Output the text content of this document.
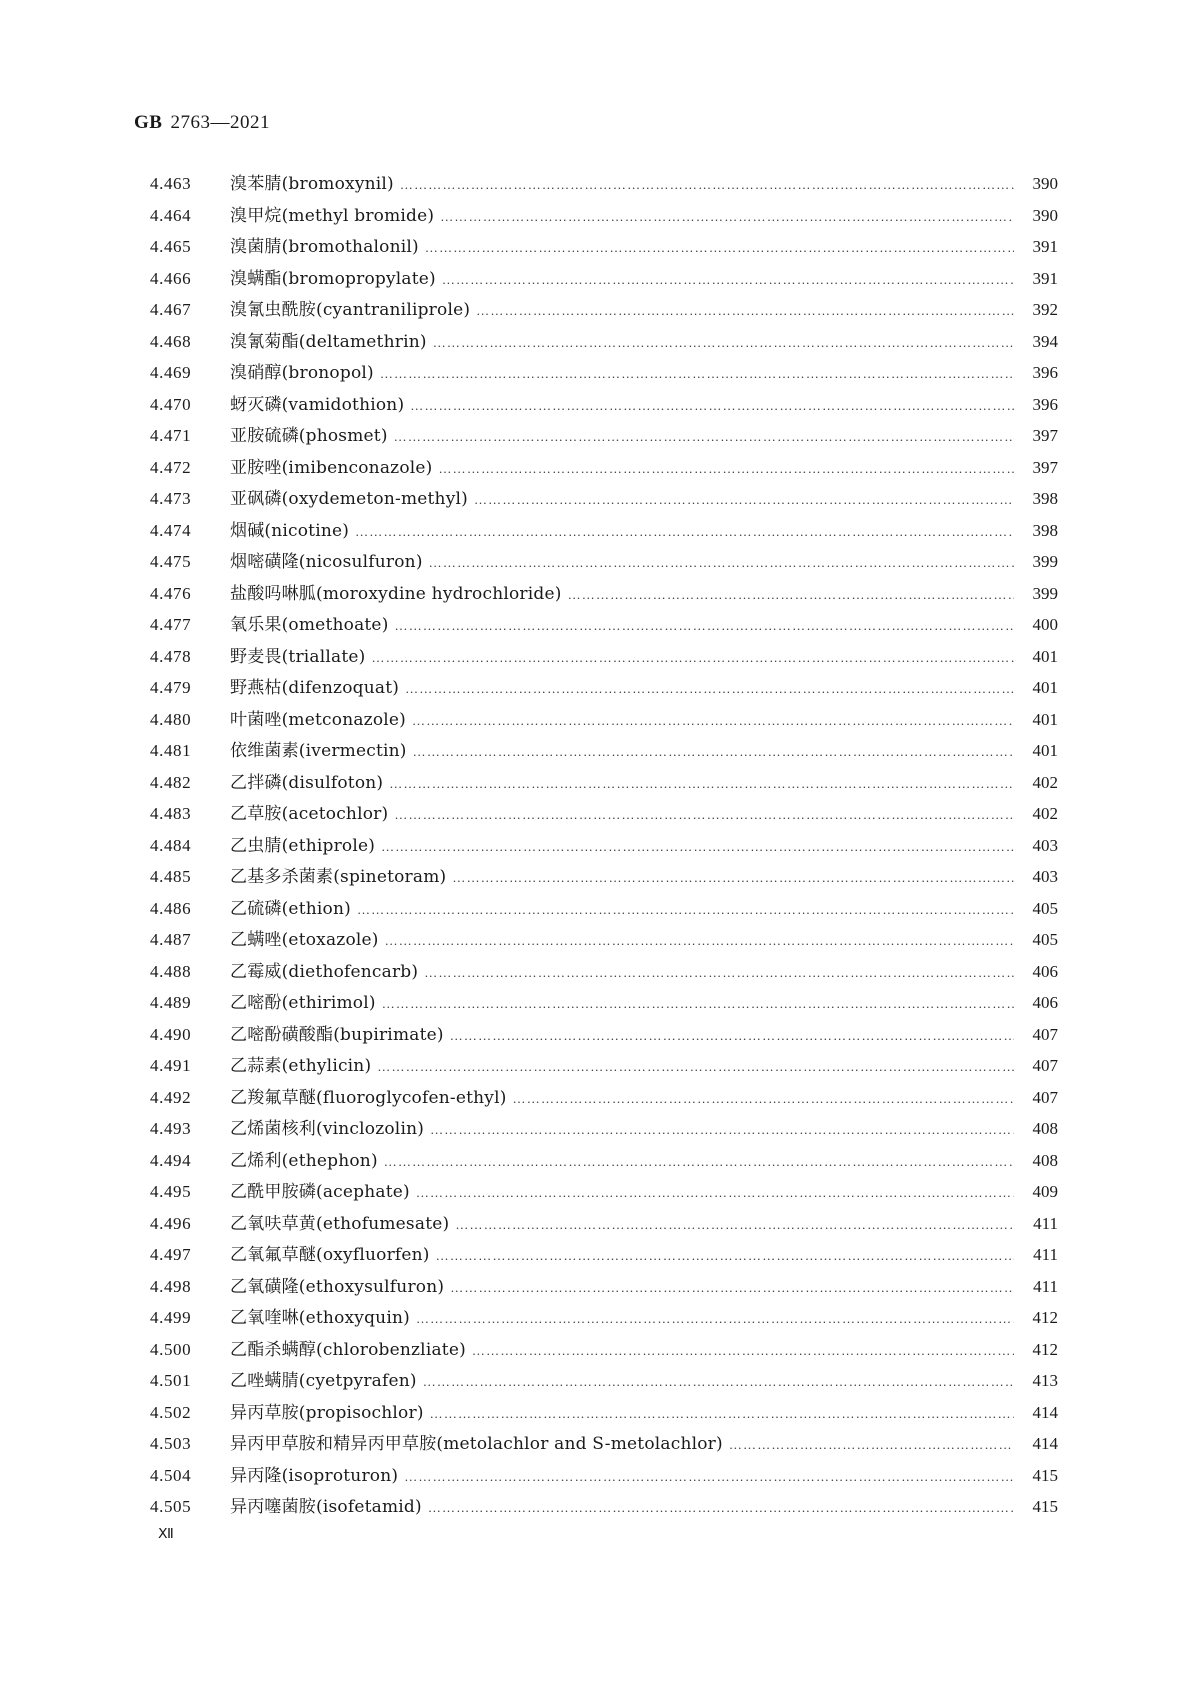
GB 2763—2021
4.463	溴苯腈(bromoxynil) ………………………………………………………………………………………………………………………………………………………………………………………………………………………	390
4.464	溴甲烷(methyl bromide) ………………………………………………………………………………………………………………………………………………………………………………………………………………………	390
4.465	溴菌腈(bromothalonil) ………………………………………………………………………………………………………………………………………………………………………………………………………………………	391
4.466	溴螨酯(bromopropylate) ………………………………………………………………………………………………………………………………………………………………………………………………………………………	391
4.467	溴氰虫酰胺(cyantraniliprole) ………………………………………………………………………………………………………………………………………………………………………………………………………………………	392
4.468	溴氰菊酯(deltamethrin) ………………………………………………………………………………………………………………………………………………………………………………………………………………………	394
4.469	溴硝醇(bronopol) ………………………………………………………………………………………………………………………………………………………………………………………………………………………	396
4.470	蚜灭磷(vamidothion) ………………………………………………………………………………………………………………………………………………………………………………………………………………………	396
4.471	亚胺硫磷(phosmet) ………………………………………………………………………………………………………………………………………………………………………………………………………………………	397
4.472	亚胺唑(imibenconazole) ………………………………………………………………………………………………………………………………………………………………………………………………………………………	397
4.473	亚砜磷(oxydemeton-methyl) ………………………………………………………………………………………………………………………………………………………………………………………………………………………	398
4.474	烟碱(nicotine) ………………………………………………………………………………………………………………………………………………………………………………………………………………………	398
4.475	烟嘧磺隆(nicosulfuron) ………………………………………………………………………………………………………………………………………………………………………………………………………………………	399
4.476	盐酸吗啉胍(moroxydine hydrochloride) ………………………………………………………………………………………………………………………………………………………………………………………………………………………	399
4.477	氧乐果(omethoate) ………………………………………………………………………………………………………………………………………………………………………………………………………………………	400
4.478	野麦畏(triallate) ………………………………………………………………………………………………………………………………………………………………………………………………………………………	401
4.479	野燕枯(difenzoquat) ………………………………………………………………………………………………………………………………………………………………………………………………………………………	401
4.480	叶菌唑(metconazole) ………………………………………………………………………………………………………………………………………………………………………………………………………………………	401
4.481	依维菌素(ivermectin) ………………………………………………………………………………………………………………………………………………………………………………………………………………………	401
4.482	乙拌磷(disulfoton) ………………………………………………………………………………………………………………………………………………………………………………………………………………………	402
4.483	乙草胺(acetochlor) ………………………………………………………………………………………………………………………………………………………………………………………………………………………	402
4.484	乙虫腈(ethiprole) ………………………………………………………………………………………………………………………………………………………………………………………………………………………	403
4.485	乙基多杀菌素(spinetoram) ………………………………………………………………………………………………………………………………………………………………………………………………………………………	403
4.486	乙硫磷(ethion) ………………………………………………………………………………………………………………………………………………………………………………………………………………………	405
4.487	乙螨唑(etoxazole) ………………………………………………………………………………………………………………………………………………………………………………………………………………………	405
4.488	乙霉威(diethofencarb) ………………………………………………………………………………………………………………………………………………………………………………………………………………………	406
4.489	乙嘧酚(ethirimol) ………………………………………………………………………………………………………………………………………………………………………………………………………………………	406
4.490	乙嘧酚磺酸酯(bupirimate) ………………………………………………………………………………………………………………………………………………………………………………………………………………………	407
4.491	乙蒜素(ethylicin) ………………………………………………………………………………………………………………………………………………………………………………………………………………………	407
4.492	乙羧氟草醚(fluoroglycofen-ethyl) ………………………………………………………………………………………………………………………………………………………………………………………………………………………	407
4.493	乙烯菌核利(vinclozolin) ………………………………………………………………………………………………………………………………………………………………………………………………………………………	408
4.494	乙烯利(ethephon) ………………………………………………………………………………………………………………………………………………………………………………………………………………………	408
4.495	乙酰甲胺磷(acephate) ………………………………………………………………………………………………………………………………………………………………………………………………………………………	409
4.496	乙氧呋草黄(ethofumesate) ………………………………………………………………………………………………………………………………………………………………………………………………………………………	411
4.497	乙氧氟草醚(oxyfluorfen) ………………………………………………………………………………………………………………………………………………………………………………………………………………………	411
4.498	乙氧磺隆(ethoxysulfuron) ………………………………………………………………………………………………………………………………………………………………………………………………………………………	411
4.499	乙氧喹啉(ethoxyquin) ………………………………………………………………………………………………………………………………………………………………………………………………………………………	412
4.500	乙酯杀螨醇(chlorobenzliate) ………………………………………………………………………………………………………………………………………………………………………………………………………………………	412
4.501	乙唑螨腈(cyetpyrafen) ………………………………………………………………………………………………………………………………………………………………………………………………………………………	413
4.502	异丙草胺(propisochlor) ………………………………………………………………………………………………………………………………………………………………………………………………………………………	414
4.503	异丙甲草胺和精异丙甲草胺(metolachlor and S-metolachlor) ………………………………………………………………………………………………………………………………………………………………………………………………………………………	414
4.504	异丙隆(isoproturon) ………………………………………………………………………………………………………………………………………………………………………………………………………………………	415
4.505	异丙噻菌胺(isofetamid) ………………………………………………………………………………………………………………………………………………………………………………………………………………………	415
Ⅻ
